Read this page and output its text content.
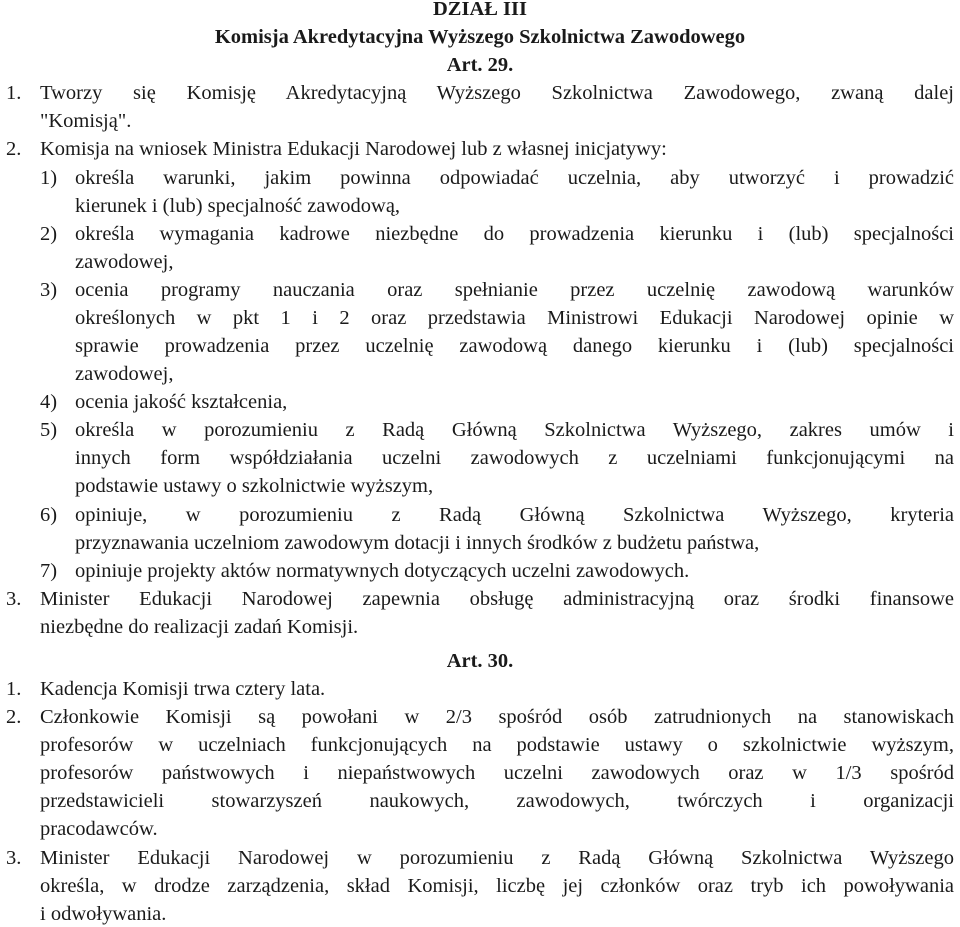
DZIAŁ III
Komisja Akredytacyjna Wyższego Szkolnictwa Zawodowego
Art. 29.
1. Tworzy się Komisję Akredytacyjną Wyższego Szkolnictwa Zawodowego, zwaną dalej
"Komisją".
2. Komisja na wniosek Ministra Edukacji Narodowej lub z własnej inicjatywy:
1) określa warunki, jakim powinna odpowiadać uczelnia, aby utworzyć i prowadzić
kierunek i (lub) specjalność zawodową,
2) określa wymagania kadrowe niezbędne do prowadzenia kierunku i (lub) specjalności
zawodowej,
3) ocenia programy nauczania oraz spełnianie przez uczelnię zawodową warunków
określonych w pkt 1 i 2 oraz przedstawia Ministrowi Edukacji Narodowej opinie w
sprawie prowadzenia przez uczelnię zawodową danego kierunku i (lub) specjalności
zawodowej,
4) ocenia jakość kształcenia,
5) określa w porozumieniu z Radą Główną Szkolnictwa Wyższego, zakres umów i
innych form współdziałania uczelni zawodowych z uczelniami funkcjonującymi na
podstawie ustawy o szkolnictwie wyższym,
6) opiniuje, w porozumieniu z Radą Główną Szkolnictwa Wyższego, kryteria
przyznawania uczelniom zawodowym dotacji i innych środków z budżetu państwa,
7) opiniuje projekty aktów normatywnych dotyczących uczelni zawodowych.
3. Minister Edukacji Narodowej zapewnia obsługę administracyjną oraz środki finansowe
niezbędne do realizacji zadań Komisji.
Art. 30.
1. Kadencja Komisji trwa cztery lata.
2. Członkowie Komisji są powołani w 2/3 spośród osób zatrudnionych na stanowiskach
profesorów w uczelniach funkcjonujących na podstawie ustawy o szkolnictwie wyższym,
profesorów państwowych i niepaństwowych uczelni zawodowych oraz w 1/3 spośród
przedstawicieli stowarzyszeń naukowych, zawodowych, twórczych i organizacji
pracodawców.
3. Minister Edukacji Narodowej w porozumieniu z Radą Główną Szkolnictwa Wyższego
określa, w drodze zarządzenia, skład Komisji, liczbę jej członków oraz tryb ich powoływania
i odwoływania.
